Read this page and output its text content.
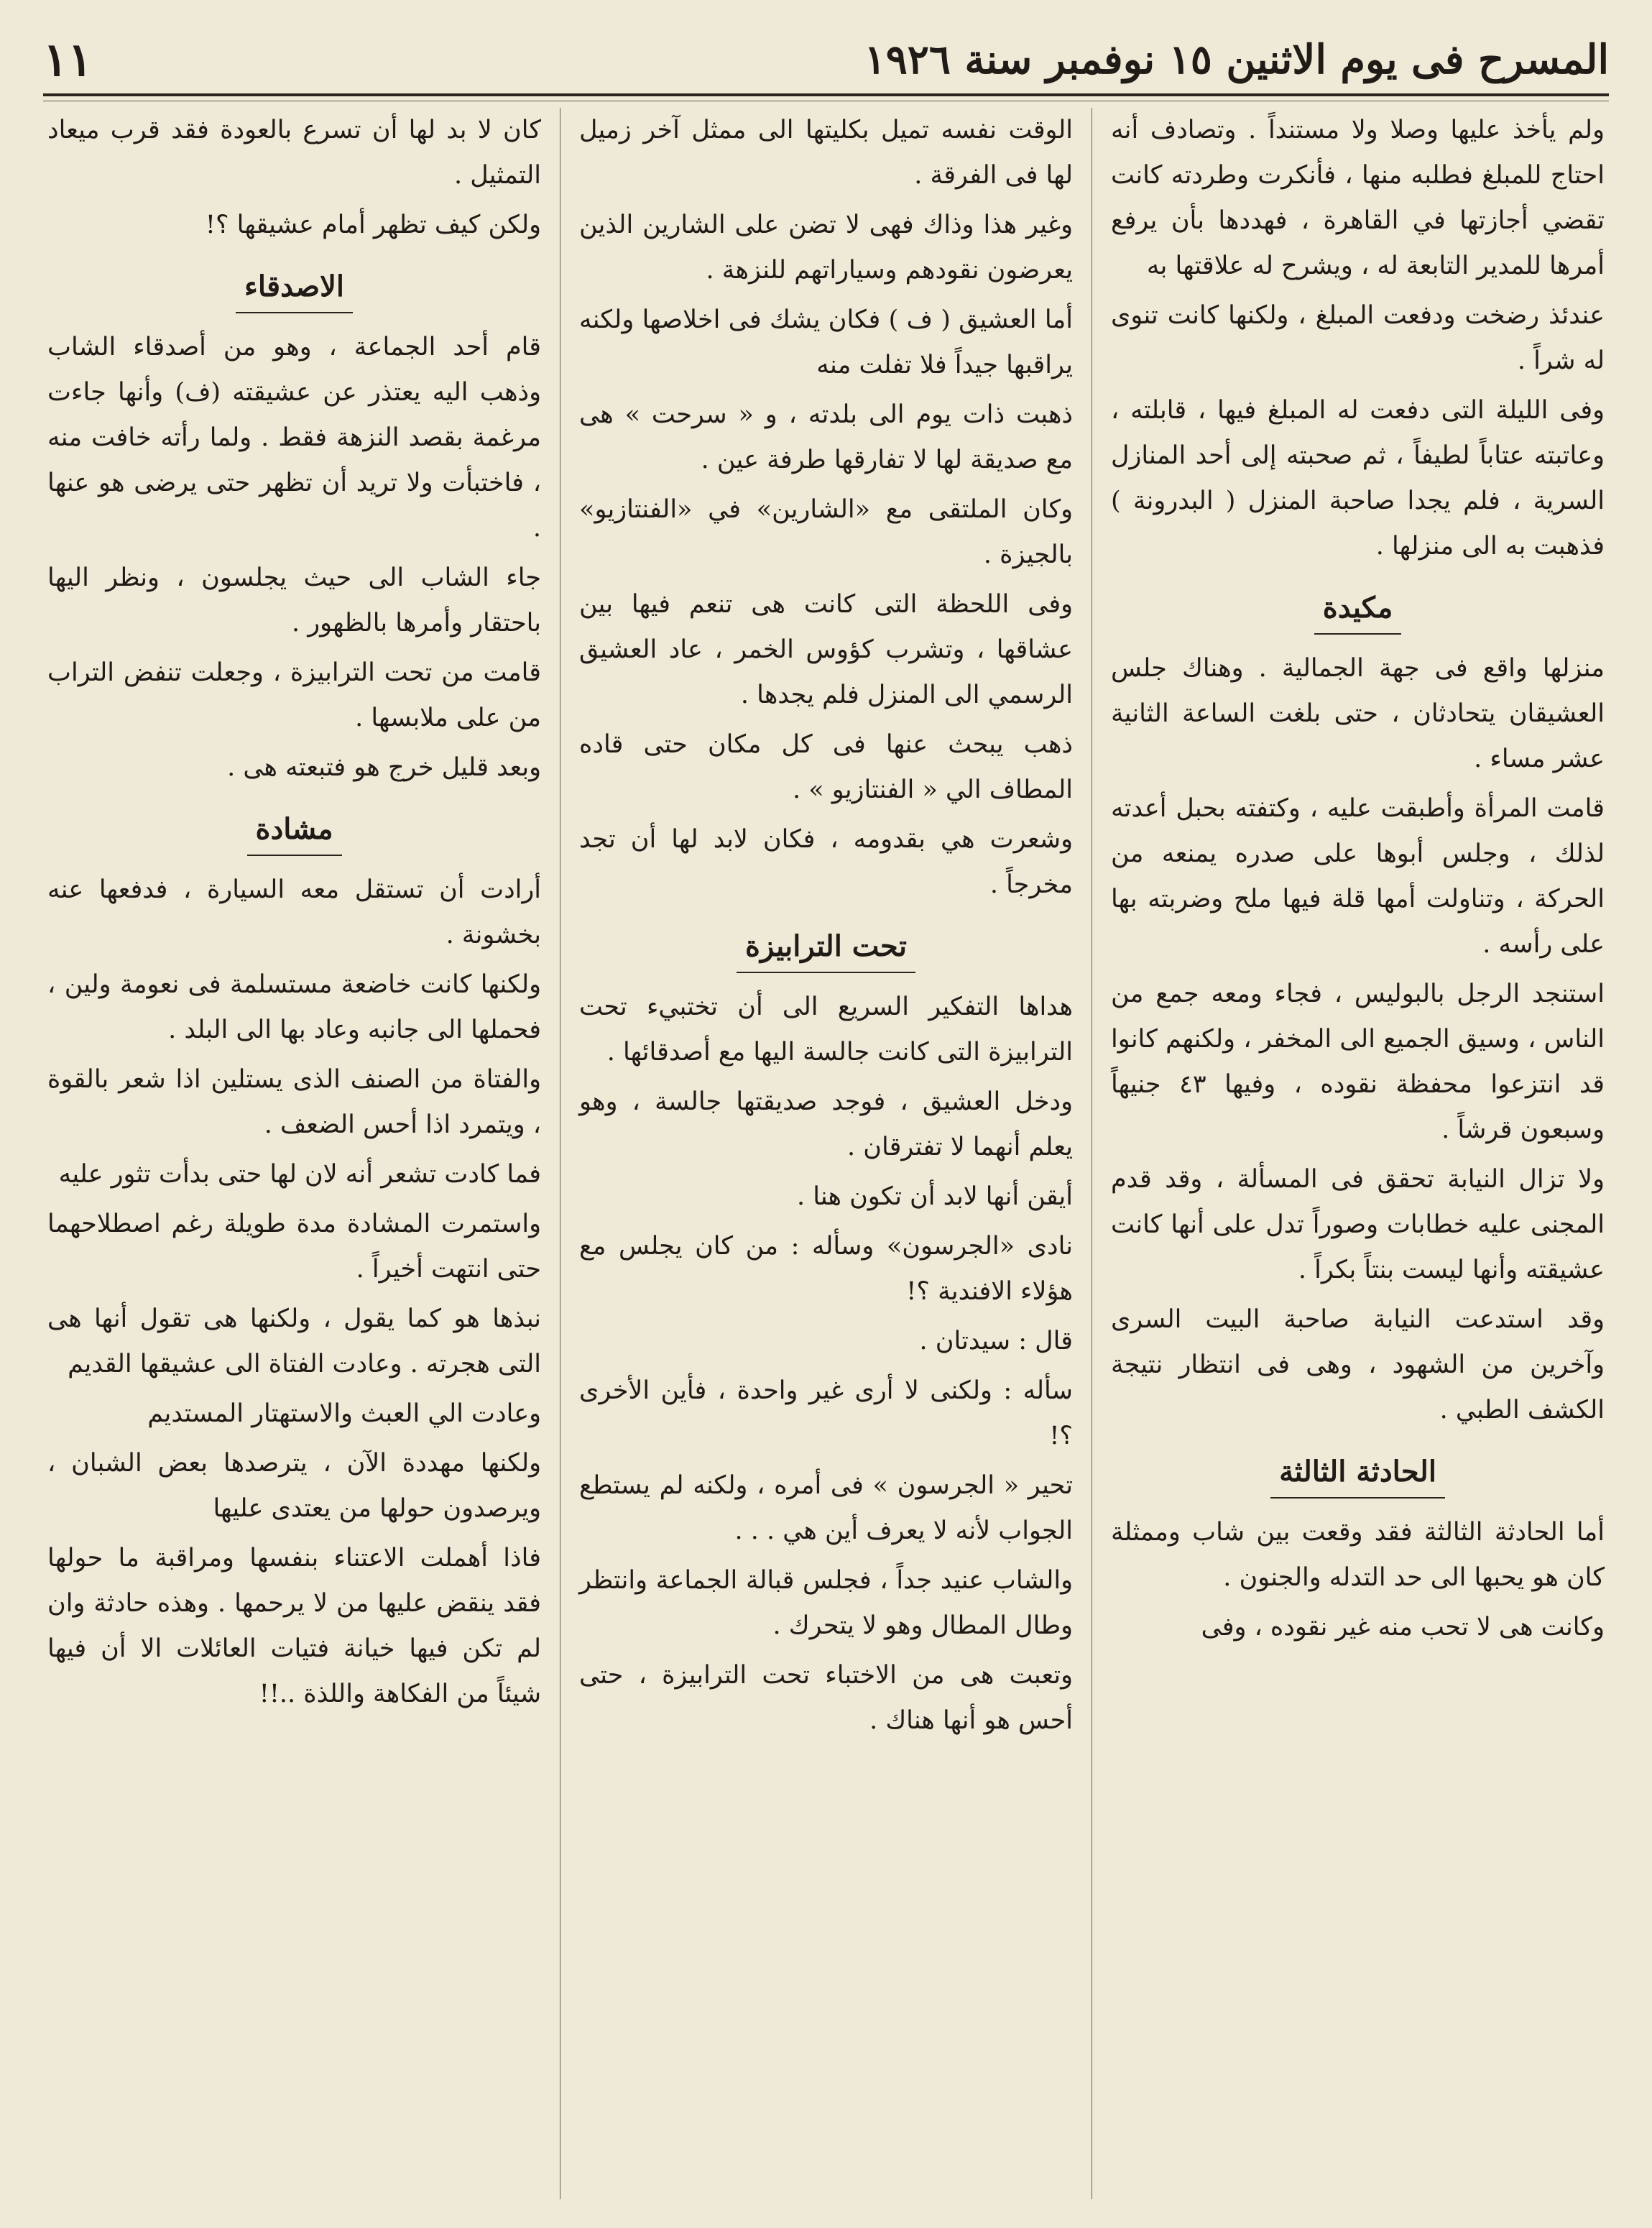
١١	المسرح فى يوم الاثنين ١٥ نوفمبر سنة ١٩٢٦
ولم يأخذ عليها وصلا ولا مستنداً . وتصادف أنه احتاج للمبلغ فطلبه منها ، فأنكرت وطردته كانت تقضي أجازتها في القاهرة ، فهددها بأن يرفع أمرها للمدير التابعة له ، ويشرح له علاقتها به
عندئذ رضخت ودفعت المبلغ ، ولكنها كانت تنوى له شراً .
وفى الليلة التى دفعت له المبلغ فيها ، قابلته ، وعاتبته عتاباً لطيفاً ، ثم صحبته إلى أحد المنازل السرية ، فلم يجدا صاحبة المنزل ( البدرونة ) فذهبت به الى منزلها .
مكيدة
منزلها واقع فى جهة الجمالية . وهناك جلس العشيقان يتحادثان ، حتى بلغت الساعة الثانية عشر مساء .
قامت المرأة وأطبقت عليه ، وكتفته بحبل أعدته لذلك ، وجلس أبوها على صدره يمنعه من الحركة ، وتناولت أمها قلة فيها ملح وضربته بها على رأسه .
استنجد الرجل بالبوليس ، فجاء ومعه جمع من الناس ، وسيق الجميع الى المخفر ، ولكنهم كانوا قد انتزعوا محفظة نقوده ، وفيها ٤٣ جنيهاً وسبعون قرشاً .
ولا تزال النيابة تحقق فى المسألة ، وقد قدم المجنى عليه خطابات وصوراً تدل على أنها كانت عشيقته وأنها ليست بنتاً بكراً .
وقد استدعت النيابة صاحبة البيت السرى وآخرين من الشهود ، وهى فى انتظار نتيجة الكشف الطبي .
الحادثة الثالثة
أما الحادثة الثالثة فقد وقعت بين شاب وممثلة كان هو يحبها الى حد التدله والجنون .
وكانت هى لا تحب منه غير نقوده ، وفى
الوقت نفسه تميل بكليتها الى ممثل آخر زميل لها فى الفرقة .
وغير هذا وذاك فهى لا تضن على الشارين الذين يعرضون نقودهم وسياراتهم للنزهة .
أما العشيق ( ف ) فكان يشك فى اخلاصها ولكنه يراقبها جيداً فلا تفلت منه
ذهبت ذات يوم الى بلدته ، و « سرحت » هى مع صديقة لها لا تفارقها طرفة عين .
وكان الملتقى مع «الشارين» في «الفنتازيو» بالجيزة .
وفى اللحظة التى كانت هى تنعم فيها بين عشاقها ، وتشرب كؤوس الخمر ، عاد العشيق الرسمي الى المنزل فلم يجدها .
ذهب يبحث عنها فى كل مكان حتى قاده المطاف الي « الفنتازيو » .
وشعرت هي بقدومه ، فكان لابد لها أن تجد مخرجاً .
تحت الترابيزة
هداها التفكير السريع الى أن تختبيء تحت الترابيزة التى كانت جالسة اليها مع أصدقائها .
ودخل العشيق ، فوجد صديقتها جالسة ، وهو يعلم أنهما لا تفترقان .
أيقن أنها لابد أن تكون هنا .
نادى «الجرسون» وسأله : من كان يجلس مع هؤلاء الافندية ؟!
قال : سيدتان .
سأله : ولكنى لا أرى غير واحدة ، فأين الأخرى ؟!
تحير « الجرسون » فى أمره ، ولكنه لم يستطع الجواب لأنه لا يعرف أين هي . . .
والشاب عنيد جداً ، فجلس قبالة الجماعة وانتظر وطال المطال وهو لا يتحرك .
وتعبت هى من الاختباء تحت الترابيزة ، حتى أحس هو أنها هناك .
كان لا بد لها أن تسرع بالعودة فقد قرب ميعاد التمثيل .
ولكن كيف تظهر أمام عشيقها ؟!
الاصدقاء
قام أحد الجماعة ، وهو من أصدقاء الشاب وذهب اليه يعتذر عن عشيقته (ف) وأنها جاءت مرغمة بقصد النزهة فقط . ولما رأته خافت منه ، فاختبأت ولا تريد أن تظهر حتى يرضى هو عنها .
جاء الشاب الى حيث يجلسون ، ونظر اليها باحتقار وأمرها بالظهور .
قامت من تحت الترابيزة ، وجعلت تنفض التراب من على ملابسها .
وبعد قليل خرج هو فتبعته هى .
مشادة
أرادت أن تستقل معه السيارة ، فدفعها عنه بخشونة .
ولكنها كانت خاضعة مستسلمة فى نعومة ولين ، فحملها الى جانبه وعاد بها الى البلد .
والفتاة من الصنف الذى يستلين اذا شعر بالقوة ، ويتمرد اذا أحس الضعف .
فما كادت تشعر أنه لان لها حتى بدأت تثور عليه
واستمرت المشادة مدة طويلة رغم اصطلاحهما حتى انتهت أخيراً .
نبذها هو كما يقول ، ولكنها هى تقول أنها هى التى هجرته . وعادت الفتاة الى عشيقها القديم
وعادت الي العبث والاستهتار المستديم
ولكنها مهددة الآن ، يترصدها بعض الشبان ، ويرصدون حولها من يعتدى عليها
فاذا أهملت الاعتناء بنفسها ومراقبة ما حولها فقد ينقض عليها من لا يرحمها . وهذه حادثة وان لم تكن فيها خيانة فتيات العائلات الا أن فيها شيئاً من الفكاهة واللذة ..!!
